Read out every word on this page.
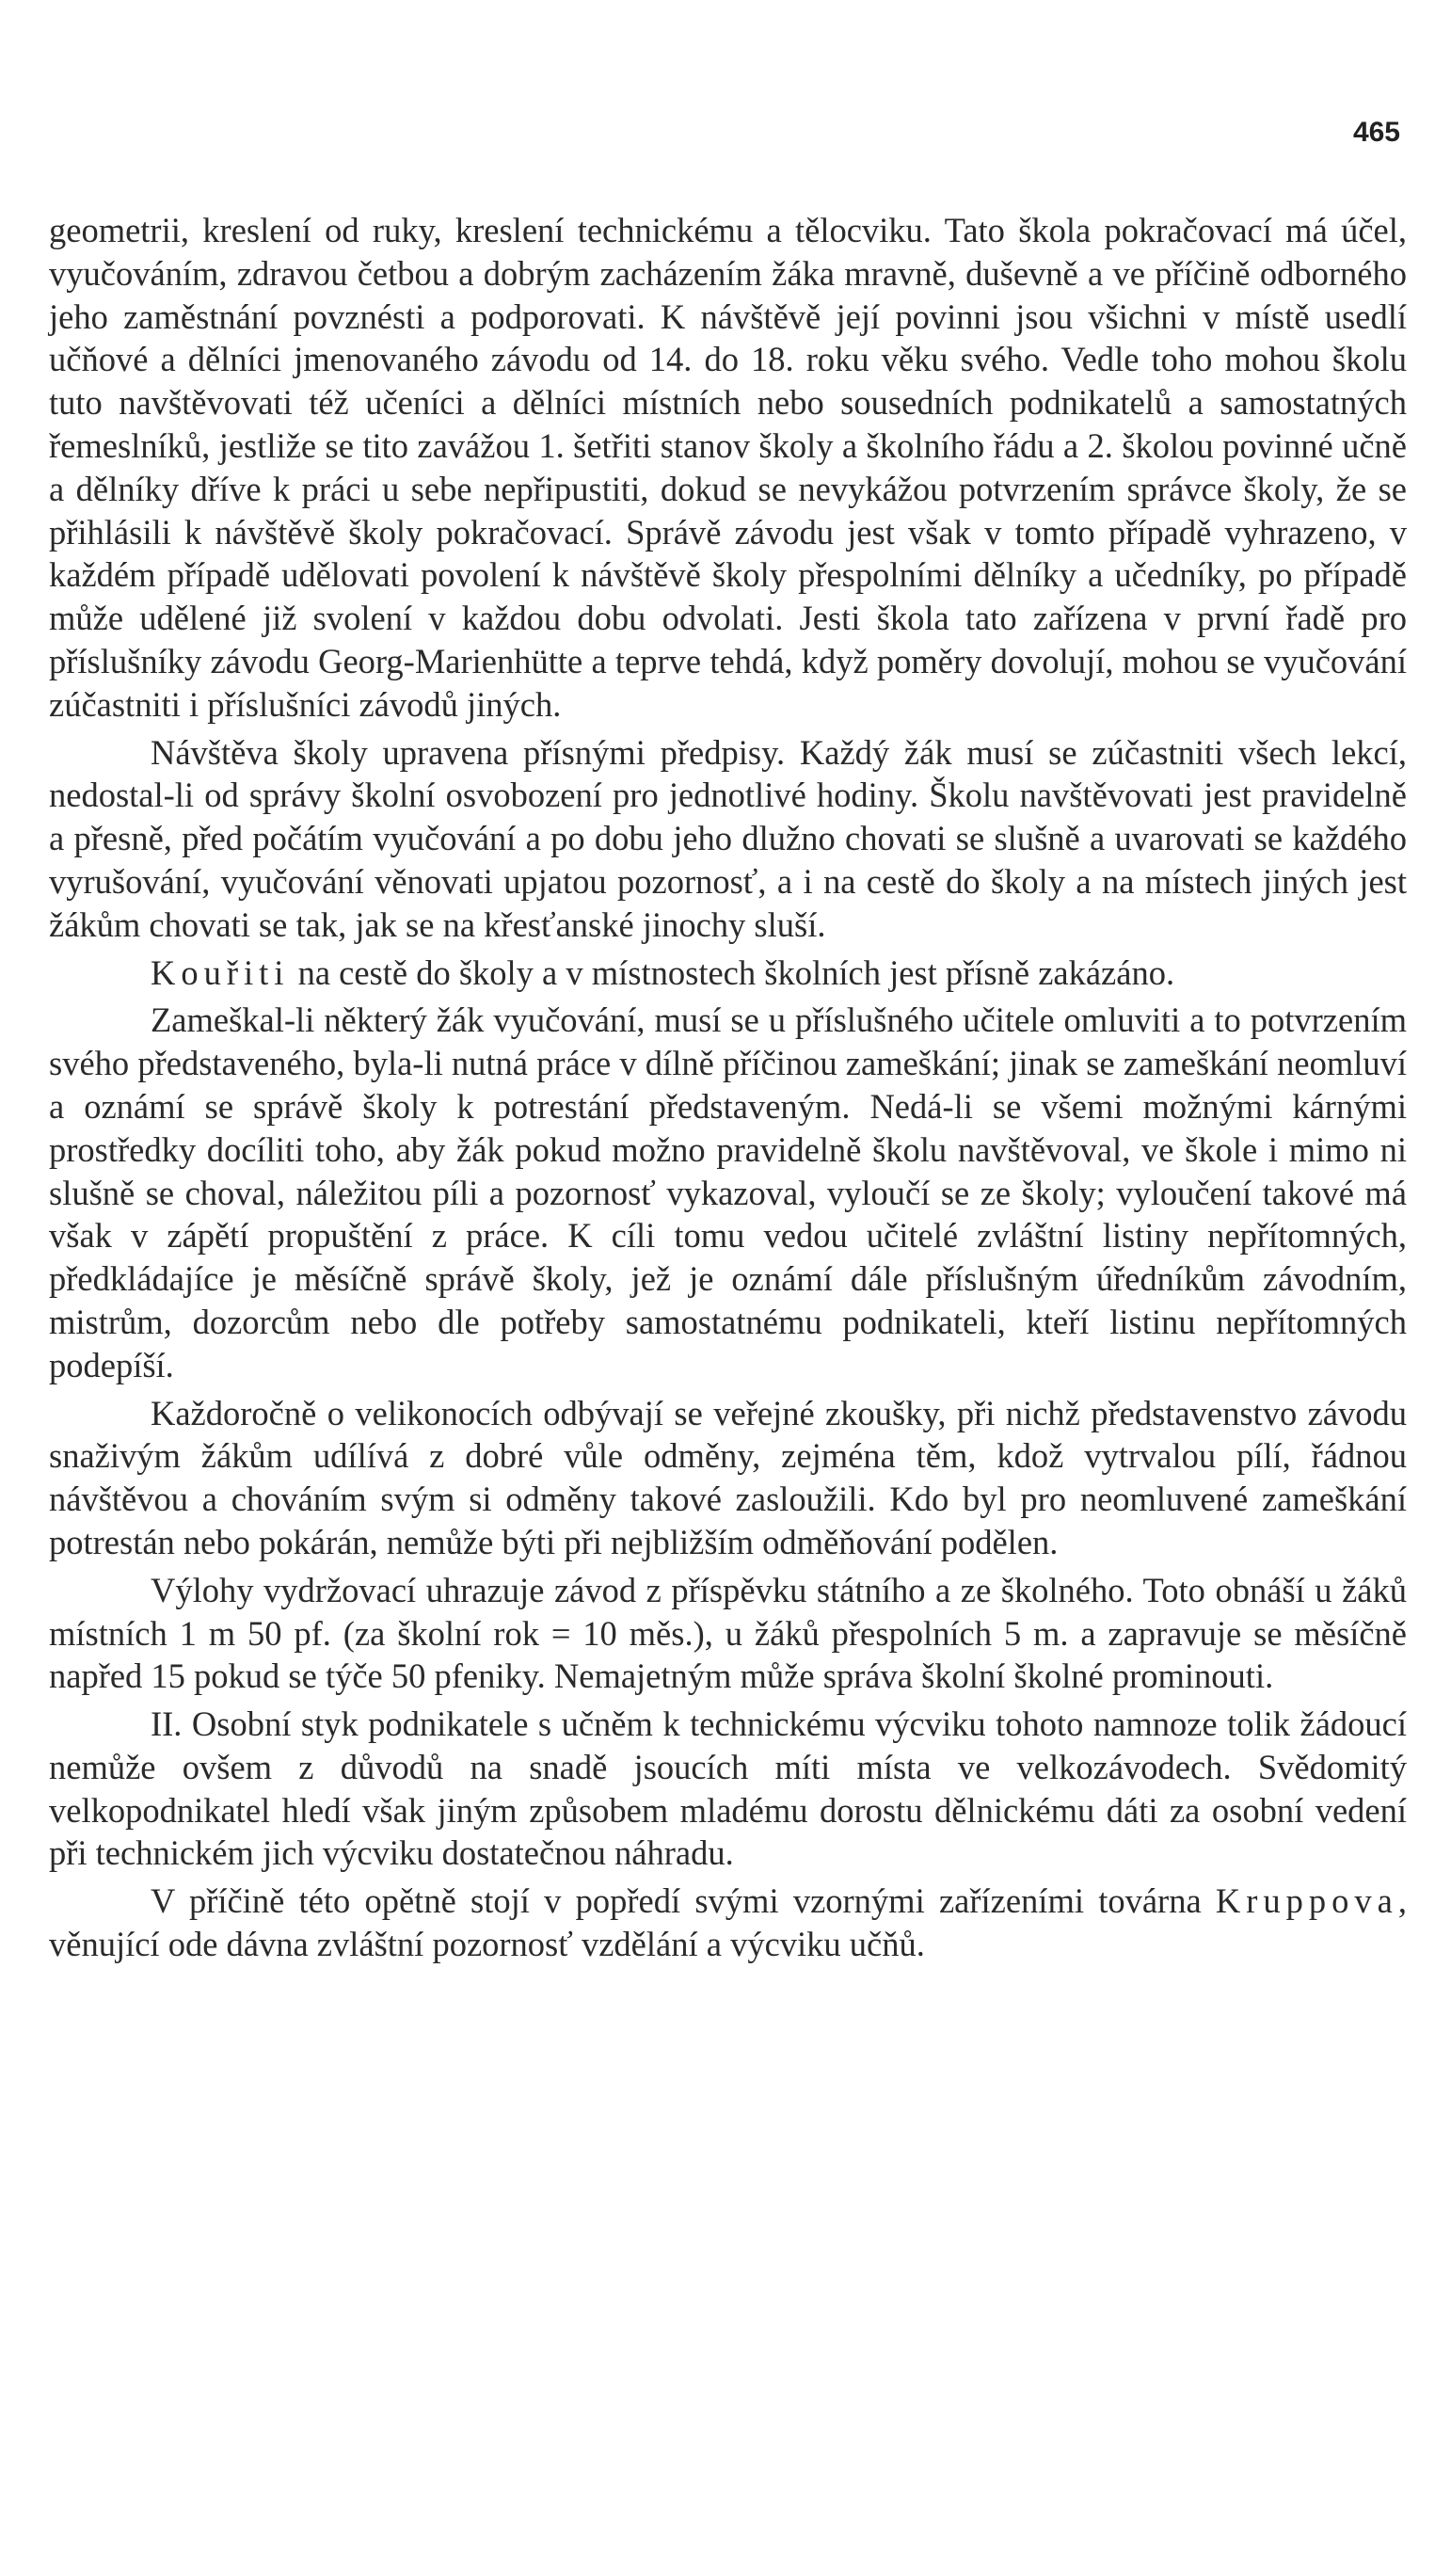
465

geometrii, kreslení od ruky, kreslení technickému a tělocviku. Tato škola pokračovací má účel, vyučováním, zdravou četbou a dobrým zacházením žáka mravně, duševně a ve příčině odborného jeho zaměstnání povznésti a podporovati. K návštěvě její povinni jsou všichni v místě usedlí učňové a dělníci jmenovaného závodu od 14. do 18. roku věku svého. Vedle toho mohou školu tuto navštěvovati též učeníci a dělníci místních nebo sousedních podnikatelů a samostatných řemeslníků, jestliže se tito zavážou 1. šetřiti stanov školy a školního řádu a 2. školou povinné učně a dělníky dříve k práci u sebe nepřipustiti, dokud se nevykážou potvrzením správce školy, že se přihlásili k návštěvě školy pokračovací. Správě závodu jest však v tomto případě vyhrazeno, v každém případě udělovati povolení k návštěvě školy přespolními dělníky a učedníky, po případě může udělené již svolení v každou dobu odvolati. Jesti škola tato zařízena v první řadě pro příslušníky závodu Georg-Marienhütte a teprve tehdá, když poměry dovolují, mohou se vyučování zúčastniti i příslušníci závodů jiných.

Návštěva školy upravena přísnými předpisy. Každý žák musí se zúčastniti všech lekcí, nedostal-li od správy školní osvobození pro jednotlivé hodiny. Školu navštěvovati jest pravidelně a přesně, před počátím vyučování a po dobu jeho dlužno chovati se slušně a uvarovati se každého vyrušování, vyučování věnovati upjatou pozornosť, a i na cestě do školy a na místech jiných jest žákům chovati se tak, jak se na křesťanské jinochy sluší.

Kouřiti na cestě do školy a v místnostech školních jest přísně zakázáno.

Zameškal-li některý žák vyučování, musí se u příslušného učitele omluviti a to potvrzením svého představeného, byla-li nutná práce v dílně příčinou zameškání; jinak se zameškání neomluví a oznámí se správě školy k potrestání představeným. Nedá-li se všemi možnými kárnými prostředky docíliti toho, aby žák pokud možno pravidelně školu navštěvoval, ve škole i mimo ni slušně se choval, náležitou píli a pozornosť vykazoval, vyloučí se ze školy; vyloučení takové má však v zápětí propuštění z práce. K cíli tomu vedou učitelé zvláštní listiny nepřítomných, předkládajíce je měsíčně správě školy, jež je oznámí dále příslušným úředníkům závodním, mistrům, dozorcům nebo dle potřeby samostatnému podnikateli, kteří listinu nepřítomných podepíší.

Každoročně o velikonocích odbývají se veřejné zkoušky, při nichž představenstvo závodu snaživým žákům udílívá z dobré vůle odměny, zejména těm, kdož vytrvalou pílí, řádnou návštěvou a chováním svým si odměny takové zasloužili. Kdo byl pro neomluvené zameškání potrestán nebo pokárán, nemůže býti při nejbližším odměňování podělen.

Výlohy vydržovací uhrazuje závod z příspěvku státního a ze školného. Toto obnáší u žáků místních 1 m 50 pf. (za školní rok = 10 měs.), u žáků přespolních 5 m. a zapravuje se měsíčně napřed 15 pokud se týče 50 pfeniky. Nemajetným může správa školní školné prominouti.

II. Osobní styk podnikatele s učněm k technickému výcviku tohoto namnoze tolik žádoucí nemůže ovšem z důvodů na snadě jsoucích míti místa ve velkozávodech. Svědomitý velkopodnikatel hledí však jiným způsobem mladému dorostu dělnickému dáti za osobní vedení při technickém jich výcviku dostatečnou náhradu.

V příčině této opětně stojí v popředí svými vzornými zařízeními továrna Kruppova, věnující ode dávna zvláštní pozornosť vzdělání a výcviku učňů.
